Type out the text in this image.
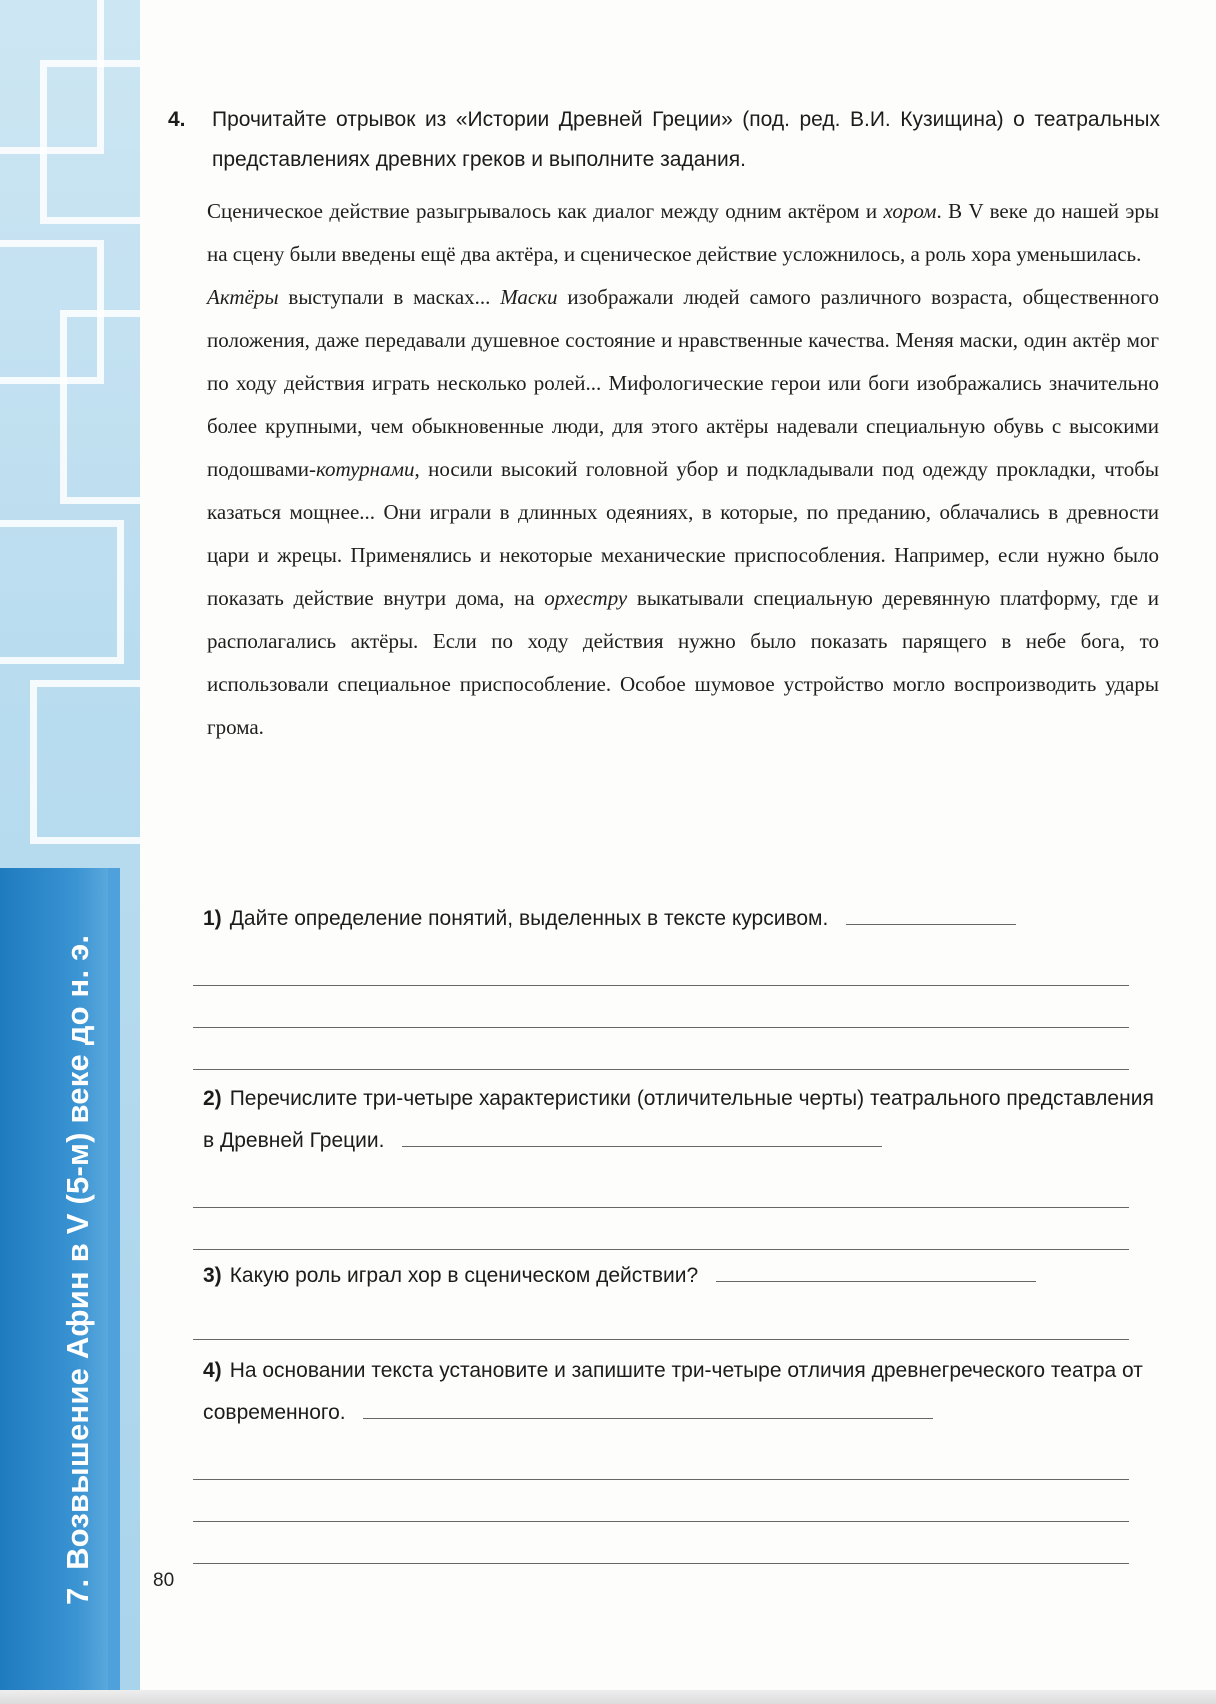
7. Возвышение Афин в V (5-м) веке до н. э.	80
4.	Прочитайте отрывок из «Истории Древней Греции» (под. ред. В.И. Кузищина) о театральных представлениях древних греков и выполните задания.

Сценическое действие разыгрывалось как диалог между одним актёром и хором. В V веке до нашей эры на сцену были введены ещё два актёра, и сценическое действие усложнилось, а роль хора уменьшилась.

Актёры выступали в масках... Маски изображали людей самого различного возраста, общественного положения, даже передавали душевное состояние и нравственные качества. Меняя маски, один актёр мог по ходу действия играть несколько ролей... Мифологические герои или боги изображались значительно более крупными, чем обыкновенные люди, для этого актёры надевали специальную обувь с высокими подошвами-котурнами, носили высокий головной убор и подкладывали под одежду прокладки, чтобы казаться мощнее... Они играли в длинных одеяниях, в которые, по преданию, облачались в древности цари и жрецы. Применялись и некоторые механические приспособления. Например, если нужно было показать действие внутри дома, на орхестру выкатывали специальную деревянную платформу, где и располагались актёры. Если по ходу действия нужно было показать парящего в небе бога, то использовали специальное приспособление. Особое шумовое устройство могло воспроизводить удары грома.

1) Дайте определение понятий, выделенных в тексте курсивом.
2) Перечислите три-четыре характеристики (отличительные черты) театрального представления в Древней Греции.
3) Какую роль играл хор в сценическом действии?
4) На основании текста установите и запишите три-четыре отличия древнегреческого театра от современного.
